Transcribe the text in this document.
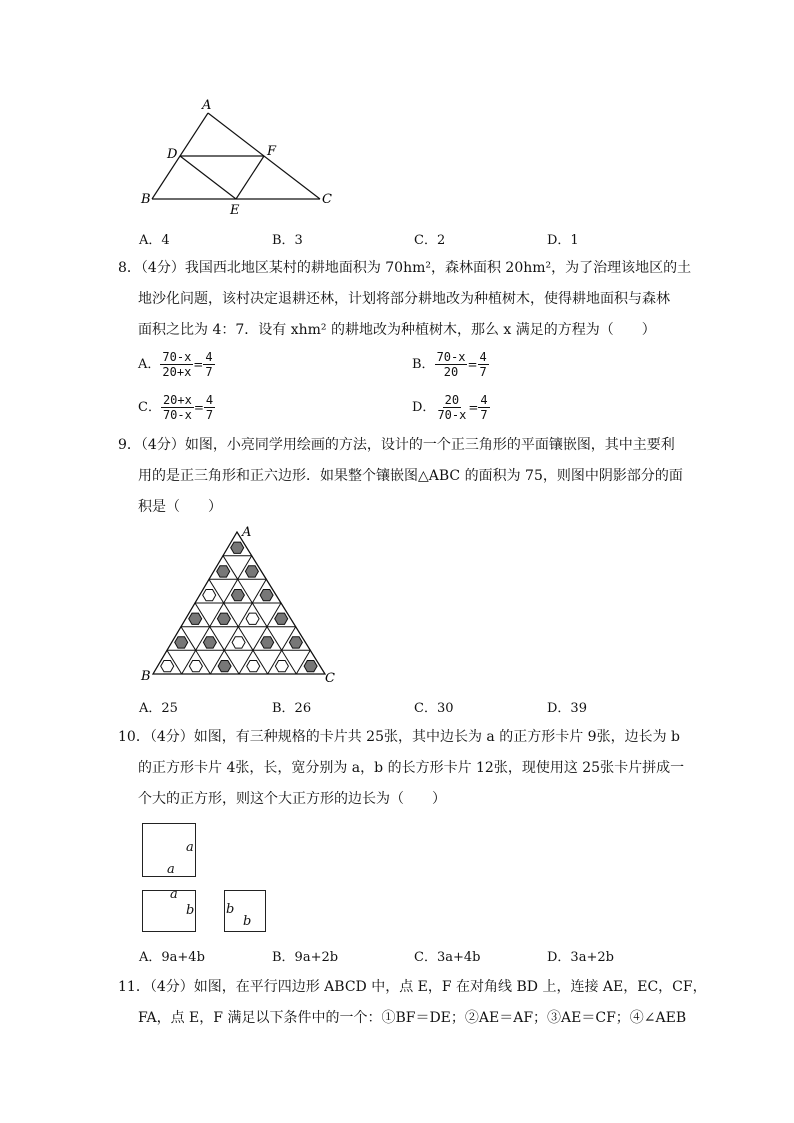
A
D	F
B
E
C
A．4	B．3	C．2	D．1
8．（4分）我国西北地区某村的耕地面积为 70hm²，森林面积 20hm²，为了治理该地区的土
地沙化问题，该村决定退耕还林，计划将部分耕地改为种植树木，使得耕地面积与森林
面积之比为 4：7．设有 xhm² 的耕地改为种植树木，那么 x 满足的方程为（　　）
A． $\frac{70-x}{20+x} = \frac{4}{7}$	B． $\frac{70-x}{20} = \frac{4}{7}$
C． $\frac{20+x}{70-x} = \frac{4}{7}$	D． $\frac{20}{70-x} = \frac{4}{7}$
9．（4分）如图，小亮同学用绘画的方法，设计的一个正三角形的平面镶嵌图，其中主要利
用的是正三角形和正六边形．如果整个镶嵌图△ABC 的面积为 75，则图中阴影部分的面
积是（　　）
A
B	C
A．25	B．26	C．30	D．39
10．（4分）如图，有三种规格的卡片共 25张，其中边长为 a 的正方形卡片 9张，边长为 b
的正方形卡片 4张，长，宽分别为 a，b 的长方形卡片 12张，现使用这 25张卡片拼成一
个大的正方形，则这个大正方形的边长为（　　）
a
a
a
b b
b
A．9a+4b	B．9a+2b	C．3a+4b	D．3a+2b
11．（4分）如图，在平行四边形 ABCD 中，点 E，F 在对角线 BD 上，连接 AE，EC，CF，
FA，点 E，F 满足以下条件中的一个：①BF＝DE；②AE＝AF；③AE＝CF；④∠AEB
